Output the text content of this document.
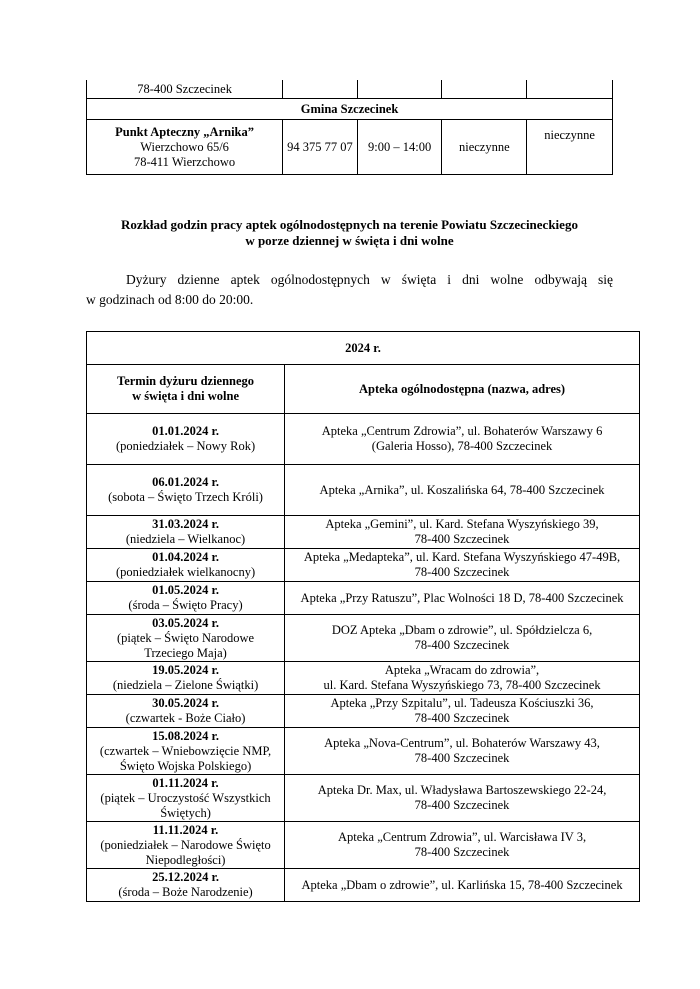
78-400 Szczecinek				
Gmina Szczecinek				

Punkt Apteczny „Arnika”
Wierzchowo 65/6
78-411 Wierzchowo	94 375 77 07	9:00 – 14:00	nieczynne	nieczynne
Rozkład godzin pracy aptek ogólnodostępnych na terenie Powiatu Szczecineckiego
w porze dziennej w święta i dni wolne
Dyżury dzienne aptek ogólnodostępnych w święta i dni wolne odbywają się
w godzinach od 8:00 do 20:00.
2024 r.	

Termin dyżuru dziennego
w święta i dni wolne	Apteka ogólnodostępna (nazwa, adres)

01.01.2024 r.
(poniedziałek – Nowy Rok)	Apteka „Centrum Zdrowia”, ul. Bohaterów Warszawy 6
(Galeria Hosso), 78-400 Szczecinek

06.01.2024 r.
(sobota – Święto Trzech Króli)	Apteka „Arnika”, ul. Koszalińska 64, 78-400 Szczecinek

31.03.2024 r.
(niedziela – Wielkanoc)	Apteka „Gemini”, ul. Kard. Stefana Wyszyńskiego 39,
78-400 Szczecinek

01.04.2024 r.
(poniedziałek wielkanocny)	Apteka „Medapteka”, ul. Kard. Stefana Wyszyńskiego 47-49B,
78-400 Szczecinek

01.05.2024 r.
(środa – Święto Pracy)	Apteka „Przy Ratuszu”, Plac Wolności 18 D, 78-400 Szczecinek

03.05.2024 r.
(piątek – Święto Narodowe
Trzeciego Maja)	DOZ Apteka „Dbam o zdrowie”, ul. Spółdzielcza 6,
78-400 Szczecinek

19.05.2024 r.
(niedziela – Zielone Świątki)	Apteka „Wracam do zdrowia”,
ul. Kard. Stefana Wyszyńskiego 73, 78-400 Szczecinek

30.05.2024 r.
(czwartek - Boże Ciało)	Apteka „Przy Szpitalu”, ul. Tadeusza Kościuszki 36,
78-400 Szczecinek

15.08.2024 r.
(czwartek – Wniebowzięcie NMP,
Święto Wojska Polskiego)	Apteka „Nova-Centrum”, ul. Bohaterów Warszawy 43,
78-400 Szczecinek

01.11.2024 r.
(piątek – Uroczystość Wszystkich
Świętych)	Apteka Dr. Max, ul. Władysława Bartoszewskiego 22-24,
78-400 Szczecinek

11.11.2024 r.
(poniedziałek – Narodowe Święto
Niepodległości)	Apteka „Centrum Zdrowia”, ul. Warcisława IV 3,
78-400 Szczecinek

25.12.2024 r.
(środa – Boże Narodzenie)	Apteka „Dbam o zdrowie”, ul. Karlińska 15, 78-400 Szczecinek
